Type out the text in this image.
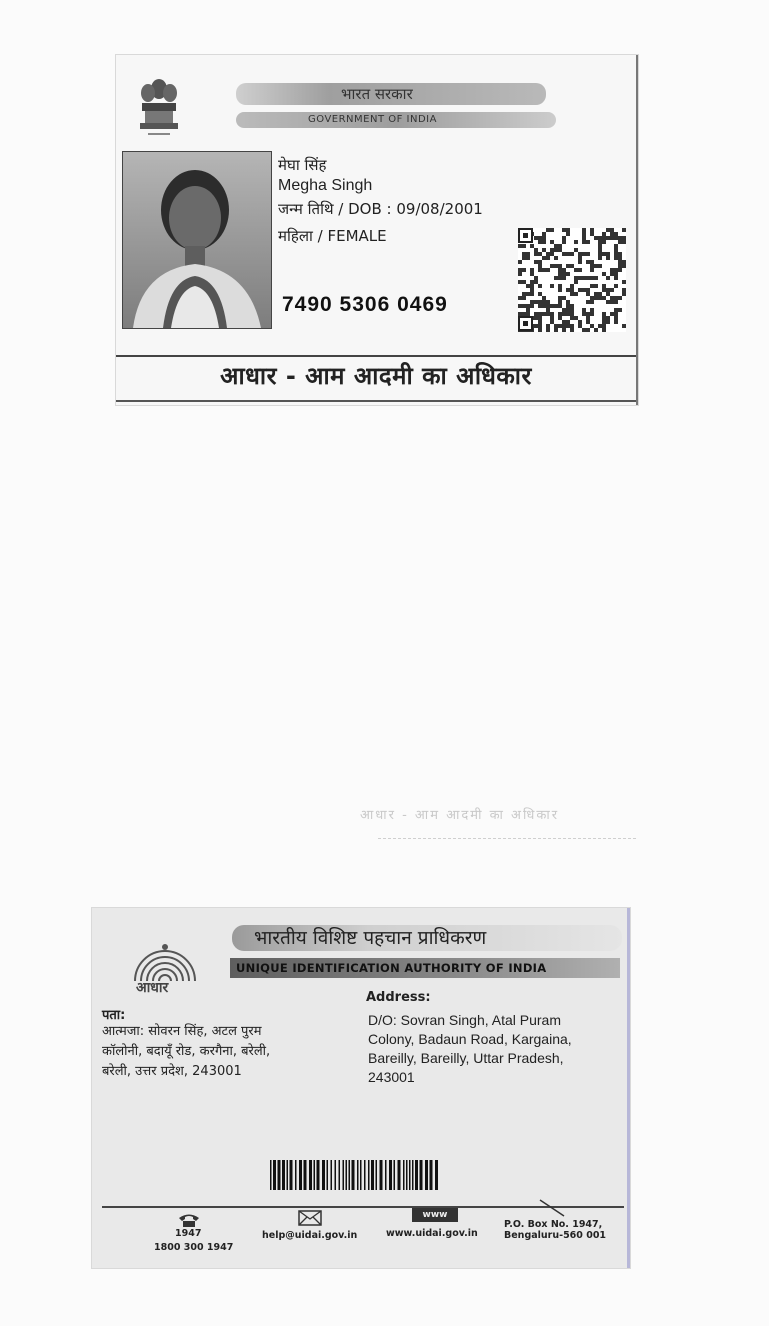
भारत सरकार
GOVERNMENT OF INDIA
मेघा सिंह
Megha Singh
जन्म तिथि / DOB : 09/08/2001
महिला / FEMALE
7490 5306 0469
आधार - आम आदमी का अधिकार
आधार - आम आदमी का अधिकार
आधार
भारतीय विशिष्ट पहचान प्राधिकरण
UNIQUE IDENTIFICATION AUTHORITY OF INDIA
पता:
आत्मजा: सोवरन सिंह, अटल पुरम
कॉलोनी, बदायूँ रोड, करगैना, बरेली,
बरेली, उत्तर प्रदेश, 243001
Address:
D/O: Sovran Singh, Atal Puram
Colony, Badaun Road, Kargaina,
Bareilly, Bareilly, Uttar Pradesh,
243001
1947
1800 300 1947
help@uidai.gov.in
www
www.uidai.gov.in
P.O. Box No. 1947,
Bengaluru-560 001
